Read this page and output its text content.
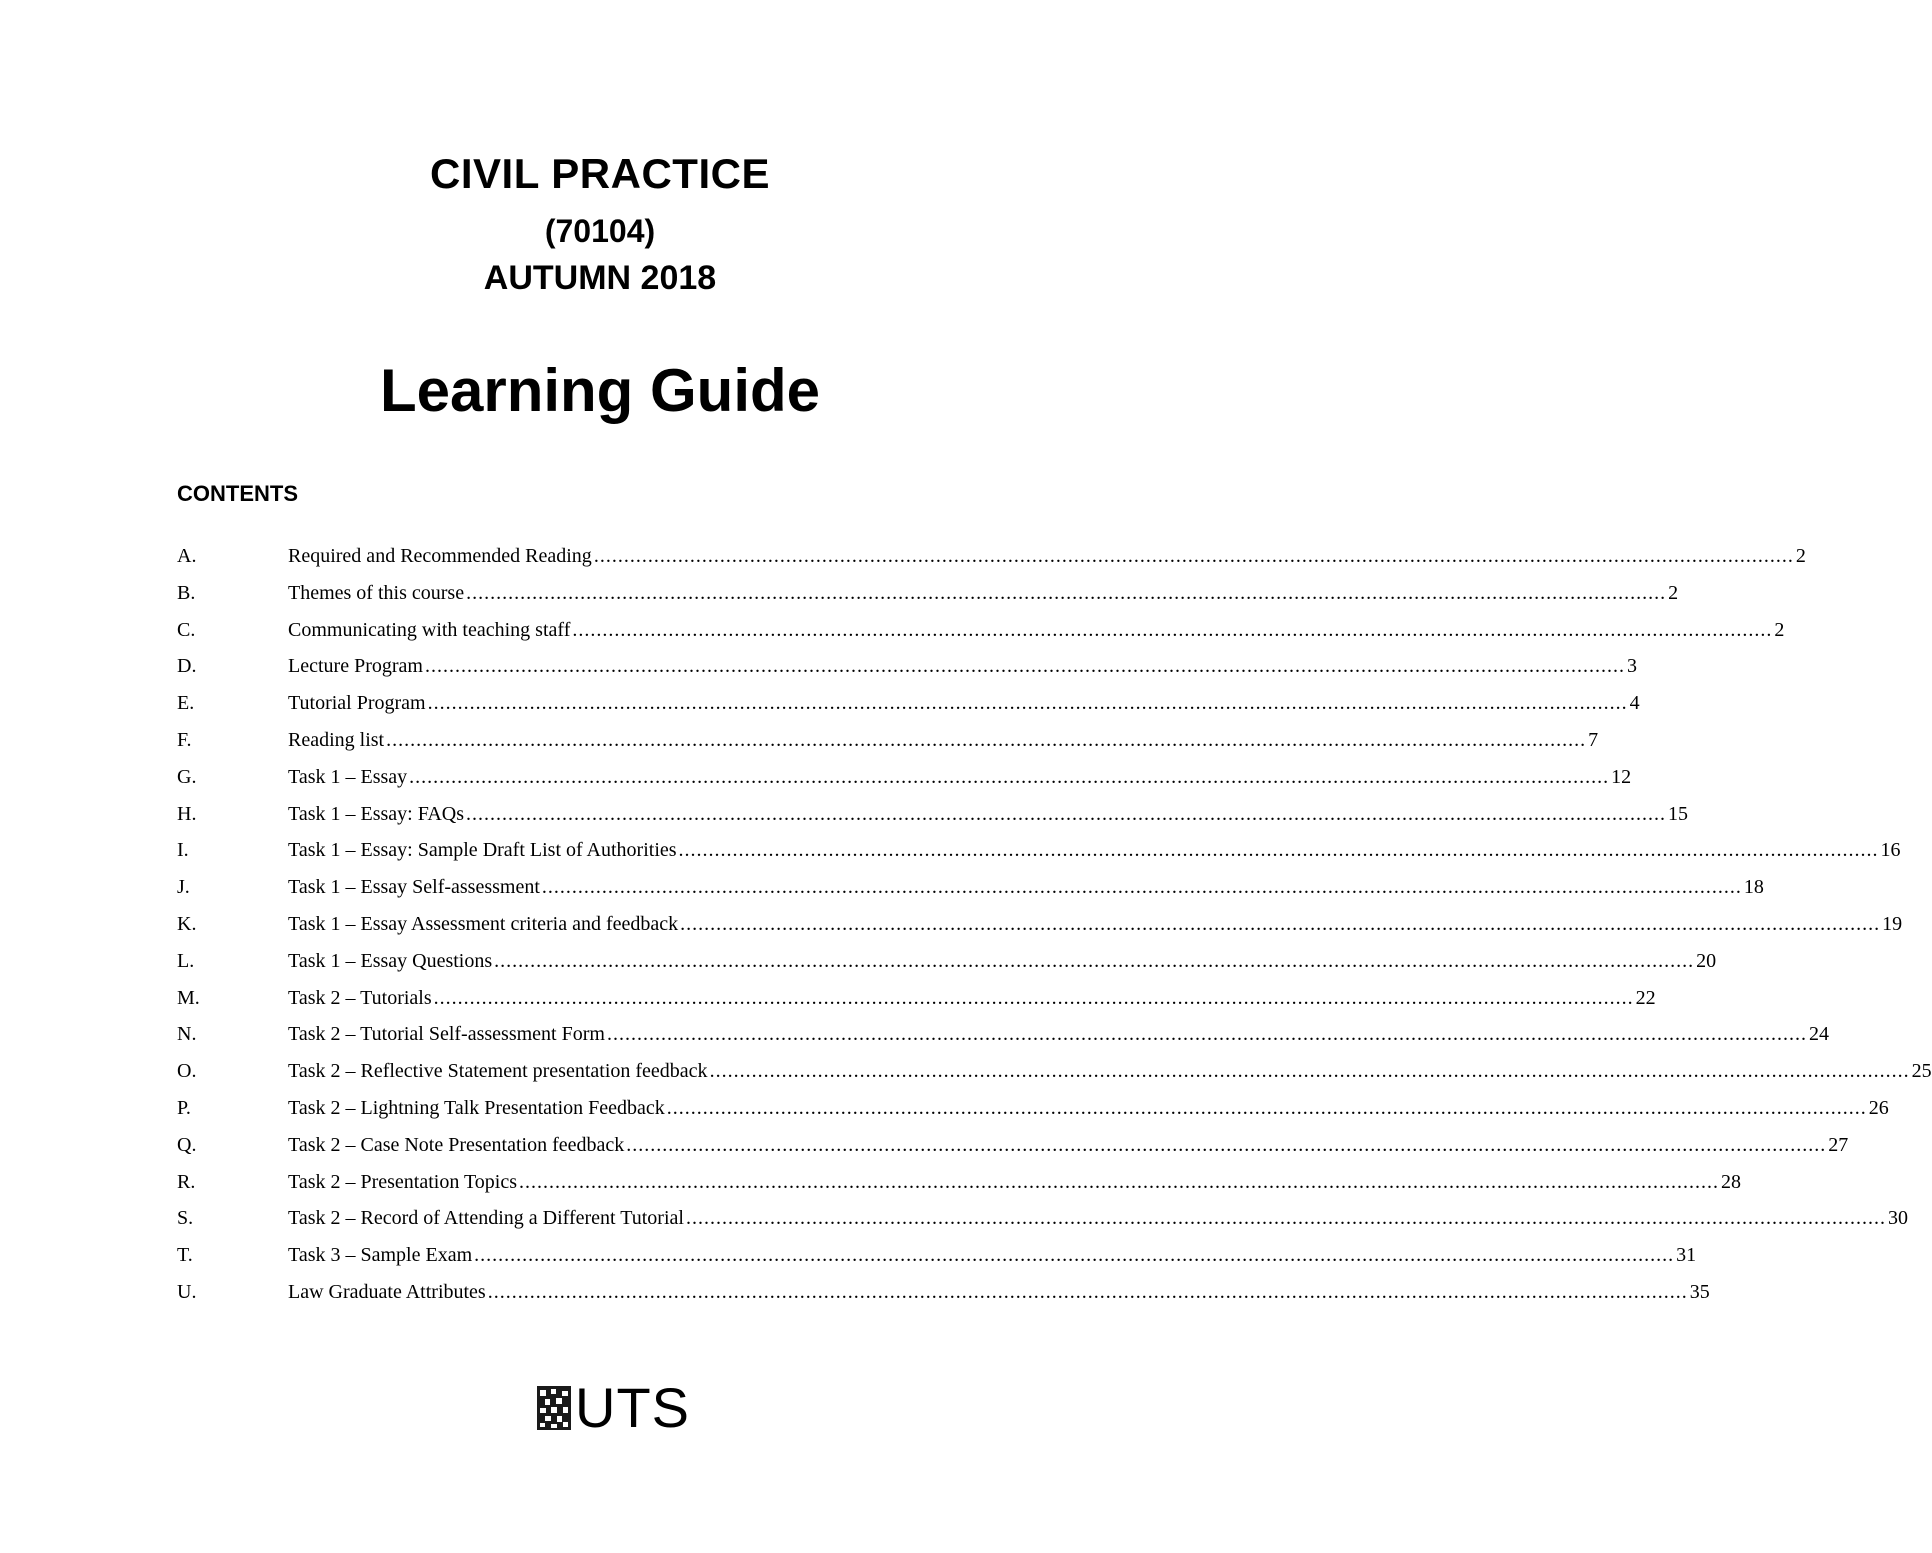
CIVIL PRACTICE
(70104)
AUTUMN 2018
Learning Guide
CONTENTS
A.	Required and Recommended Reading ........................................................................................................................................................................................................ 2
B.	Themes of this course ........................................................................................................................................................................................................ 2
C.	Communicating with teaching staff ........................................................................................................................................................................................................ 2
D.	Lecture Program ........................................................................................................................................................................................................ 3
E.	Tutorial Program ........................................................................................................................................................................................................ 4
F.	Reading list ........................................................................................................................................................................................................ 7
G.	Task 1 – Essay ........................................................................................................................................................................................................ 12
H.	Task 1 – Essay: FAQs ........................................................................................................................................................................................................ 15
I.	Task 1 – Essay: Sample Draft List of Authorities ........................................................................................................................................................................................................ 16
J.	Task 1 – Essay Self-assessment ........................................................................................................................................................................................................ 18
K.	Task 1 – Essay Assessment criteria and feedback ........................................................................................................................................................................................................ 19
L.	Task 1 – Essay Questions ........................................................................................................................................................................................................ 20
M.	Task 2 – Tutorials ........................................................................................................................................................................................................ 22
N.	Task 2 – Tutorial Self-assessment Form ........................................................................................................................................................................................................ 24
O.	Task 2 – Reflective Statement presentation feedback ........................................................................................................................................................................................................ 25
P.	Task 2 – Lightning Talk Presentation Feedback ........................................................................................................................................................................................................ 26
Q.	Task 2 – Case Note Presentation feedback ........................................................................................................................................................................................................ 27
R.	Task 2 – Presentation Topics ........................................................................................................................................................................................................ 28
S.	Task 2 – Record of Attending a Different Tutorial ........................................................................................................................................................................................................ 30
T.	Task 3 – Sample Exam ........................................................................................................................................................................................................ 31
U.	Law Graduate Attributes ........................................................................................................................................................................................................ 35
UTS
